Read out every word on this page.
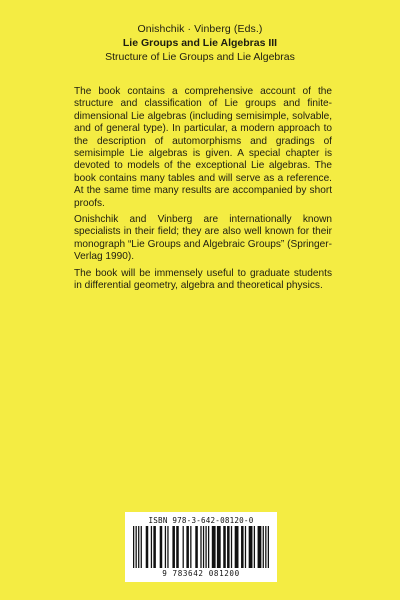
Onishchik · Vinberg (Eds.)
Lie Groups and Lie Algebras III
Structure of Lie Groups and Lie Algebras

The book contains a comprehensive account of the structure and classification of Lie groups and finite-dimensional Lie algebras (including semisimple, solvable, and of general type). In particular, a modern approach to the description of automorphisms and gradings of semisimple Lie algebras is given. A special chapter is devoted to models of the exceptional Lie algebras. The book contains many tables and will serve as a reference. At the same time many results are accompanied by short proofs.

Onishchik and Vinberg are internationally known specialists in their field; they are also well known for their monograph “Lie Groups and Algebraic Groups” (Springer-Verlag 1990).

The book will be immensely useful to graduate students in differential geometry, algebra and theoretical physics.

ISBN 978-3-642-08120-0
9 783642 081200
